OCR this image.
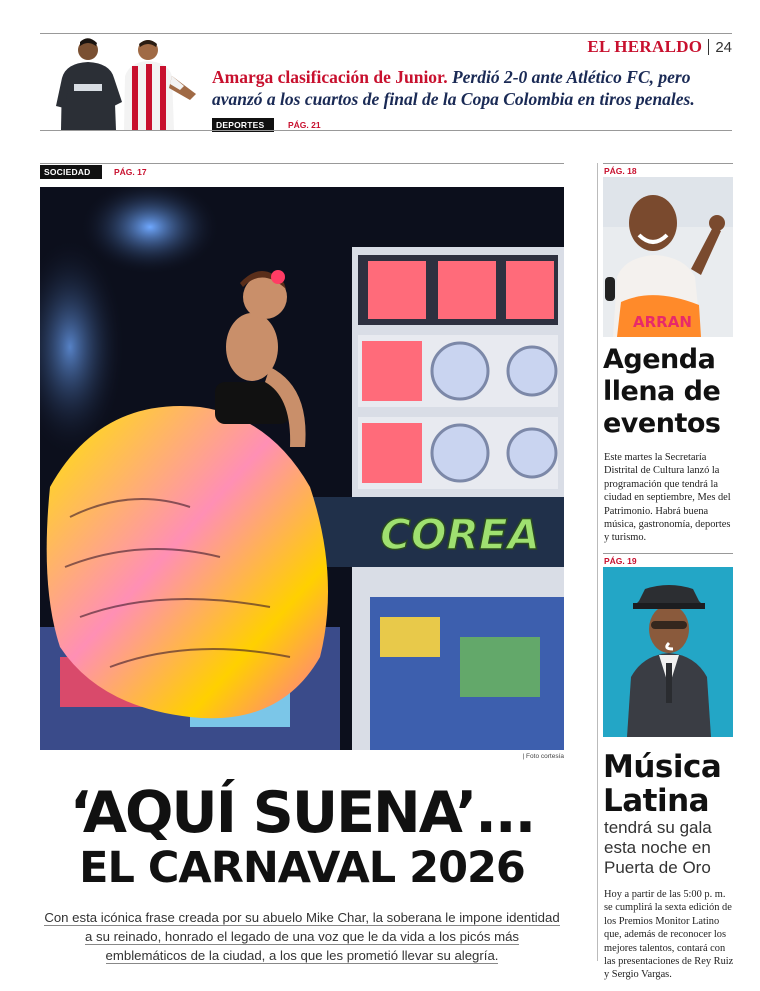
EL HERALDO 24
Amarga clasificación de Junior. Perdió 2-0 ante Atlético FC, pero avanzó a los cuartos de final de la Copa Colombia en tiros penales.
DEPORTES	PÁG. 21
SOCIEDAD	PÁG. 17
COREA
| Foto cortesía
‘AQUÍ SUENA’...
EL CARNAVAL 2026
Con esta icónica frase creada por su abuelo Mike Char, la soberana le impone identidad a su reinado, honrado el legado de una voz que le da vida a los picós más emblemáticos de la ciudad, a los que les prometió llevar su alegría.
PÁG. 18
ARRAN
Agenda
llena de
eventos
Este martes la Secretaría Distrital de Cultura lanzó la programación que tendrá la ciudad en septiembre, Mes del Patrimonio. Habrá buena música, gastronomía, deportes y turismo.
PÁG. 19
Música
Latina
tendrá su gala esta noche en Puerta de Oro
Hoy a partir de las 5:00 p. m. se cumplirá la sexta edición de los Premios Monitor Latino que, además de reconocer los mejores talentos, contará con las presentaciones de Rey Ruiz y Sergio Vargas.
